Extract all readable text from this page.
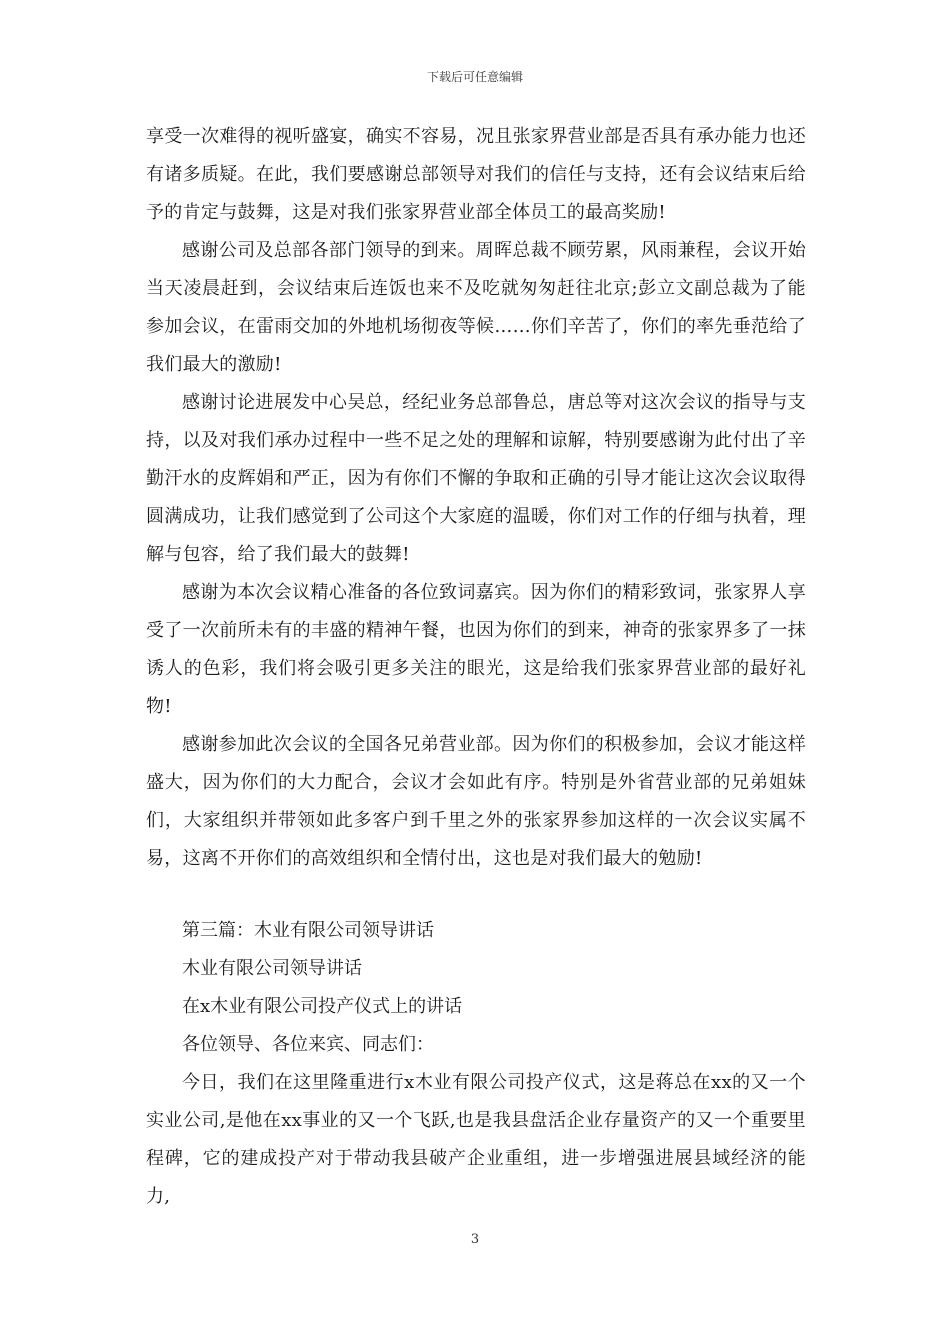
下载后可任意编辑

享受一次难得的视听盛宴，确实不容易，况且张家界营业部是否具有承办能力也还有诸多质疑。在此，我们要感谢总部领导对我们的信任与支持，还有会议结束后给予的肯定与鼓舞，这是对我们张家界营业部全体员工的最高奖励!

感谢公司及总部各部门领导的到来。周晖总裁不顾劳累，风雨兼程，会议开始当天凌晨赶到，会议结束后连饭也来不及吃就匆匆赶往北京;彭立文副总裁为了能参加会议，在雷雨交加的外地机场彻夜等候……你们辛苦了，你们的率先垂范给了我们最大的激励!

感谢讨论进展发中心吴总，经纪业务总部鲁总，唐总等对这次会议的指导与支持，以及对我们承办过程中一些不足之处的理解和谅解，特别要感谢为此付出了辛勤汗水的皮辉娟和严正，因为有你们不懈的争取和正确的引导才能让这次会议取得圆满成功，让我们感觉到了公司这个大家庭的温暖，你们对工作的仔细与执着，理解与包容，给了我们最大的鼓舞!

感谢为本次会议精心准备的各位致词嘉宾。因为你们的精彩致词，张家界人享受了一次前所未有的丰盛的精神午餐，也因为你们的到来，神奇的张家界多了一抹诱人的色彩，我们将会吸引更多关注的眼光，这是给我们张家界营业部的最好礼物!

感谢参加此次会议的全国各兄弟营业部。因为你们的积极参加，会议才能这样盛大，因为你们的大力配合，会议才会如此有序。特别是外省营业部的兄弟姐妹们，大家组织并带领如此多客户到千里之外的张家界参加这样的一次会议实属不易，这离不开你们的高效组织和全情付出，这也是对我们最大的勉励!

第三篇：木业有限公司领导讲话

木业有限公司领导讲话

在x木业有限公司投产仪式上的讲话

各位领导、各位来宾、同志们：

今日，我们在这里隆重进行x木业有限公司投产仪式，这是蒋总在xx的又一个实业公司,是他在xx事业的又一个飞跃,也是我县盘活企业存量资产的又一个重要里程碑，它的建成投产对于带动我县破产企业重组，进一步增强进展县域经济的能力,

3
